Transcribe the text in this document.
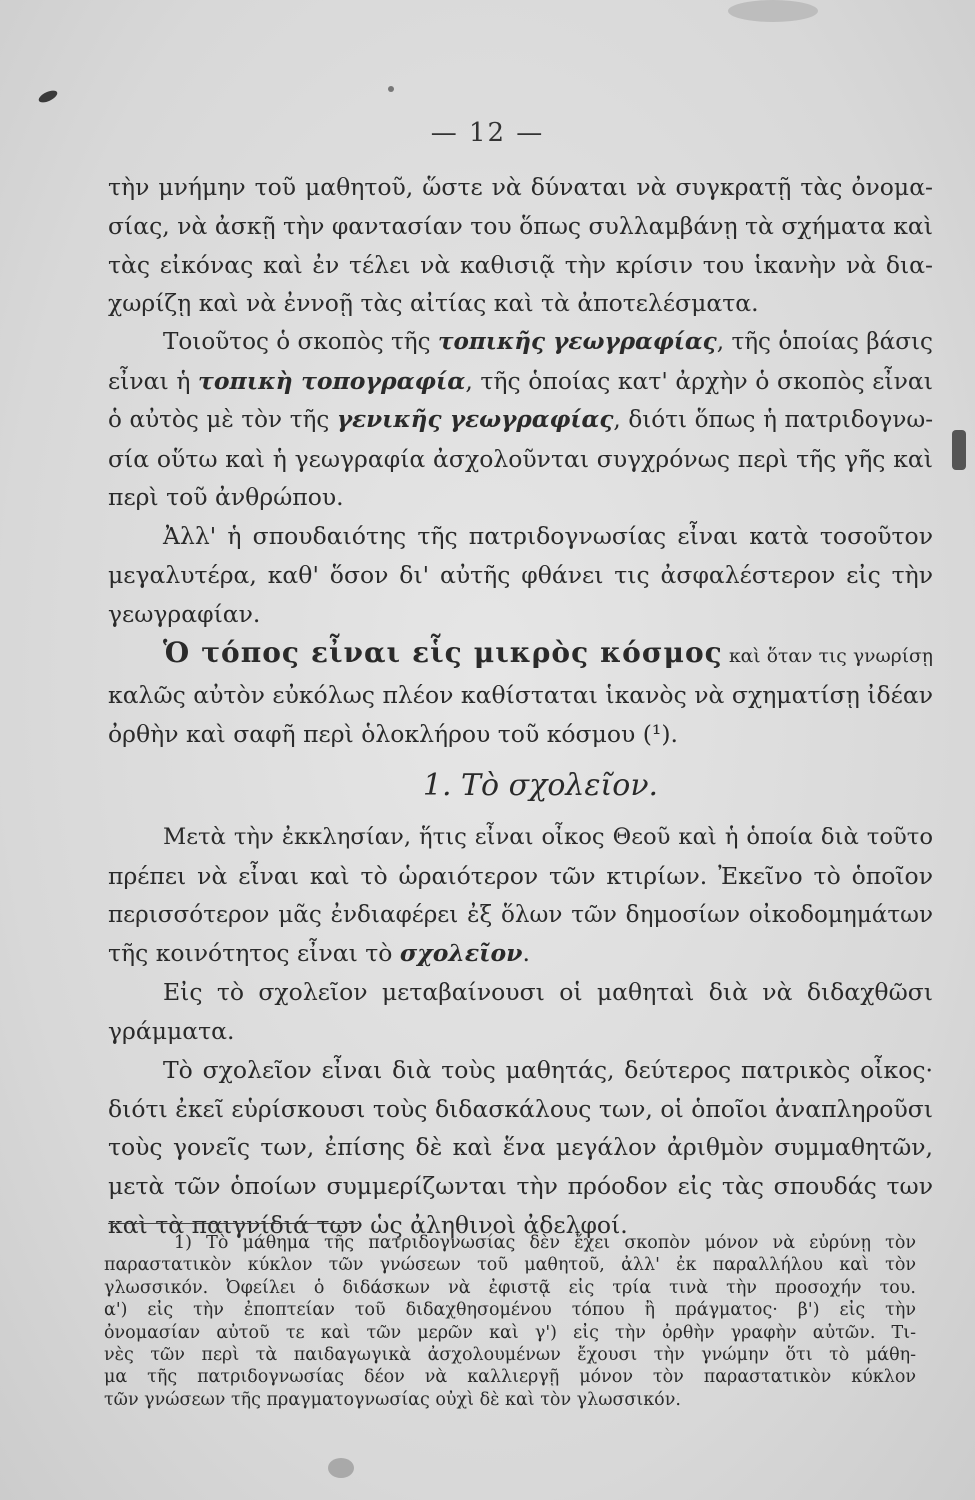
— 12 —
τὴν μνήμην τοῦ μαθητοῦ, ὥστε νὰ δύναται νὰ συγκρατῇ τὰς ὀνομα-
σίας, νὰ ἀσκῇ τὴν φαντασίαν του ὅπως συλλαμβάνῃ τὰ σχήματα καὶ
τὰς εἰκόνας καὶ ἐν τέλει νὰ καθισιᾷ τὴν κρίσιν του ἱκανὴν νὰ δια-
χωρίζῃ καὶ νὰ ἐννοῇ τὰς αἰτίας καὶ τὰ ἀποτελέσματα.
Τοιοῦτος ὁ σκοπὸς τῆς τοπικῆς γεωγραφίας, τῆς ὁποίας βάσις
εἶναι ἡ τοπικὴ τοπογραφία, τῆς ὁποίας κατ' ἀρχὴν ὁ σκοπὸς εἶναι
ὁ αὐτὸς μὲ τὸν τῆς γενικῆς γεωγραφίας, διότι ὅπως ἡ πατριδογνω-
σία οὕτω καὶ ἡ γεωγραφία ἀσχολοῦνται συγχρόνως περὶ τῆς γῆς καὶ
περὶ τοῦ ἀνθρώπου.
Ἀλλ' ἡ σπουδαιότης τῆς πατριδογνωσίας εἶναι κατὰ τοσοῦτον
μεγαλυτέρα, καθ' ὅσον δι' αὐτῆς φθάνει τις ἀσφαλέστερον εἰς τὴν
γεωγραφίαν.
Ὁ τόπος εἶναι εἷς μικρὸς κόσμος καὶ ὅταν τις γνωρίσῃ
καλῶς αὐτὸν εὐκόλως πλέον καθίσταται ἱκανὸς νὰ σχηματίσῃ ἰδέαν
ὀρθὴν καὶ σαφῆ περὶ ὁλοκλήρου τοῦ κόσμου (¹).
1. Τὸ σχολεῖον.
Μετὰ τὴν ἐκκλησίαν, ἥτις εἶναι οἶκος Θεοῦ καὶ ἡ ὁποία διὰ τοῦτο
πρέπει νὰ εἶναι καὶ τὸ ὡραιότερον τῶν κτιρίων. Ἐκεῖνο τὸ ὁποῖον
περισσότερον μᾶς ἐνδιαφέρει ἐξ ὅλων τῶν δημοσίων οἰκοδομημάτων
τῆς κοινότητος εἶναι τὸ σχολεῖον.
Εἰς τὸ σχολεῖον μεταβαίνουσι οἱ μαθηταὶ διὰ νὰ διδαχθῶσι
γράμματα.
Τὸ σχολεῖον εἶναι διὰ τοὺς μαθητάς, δεύτερος πατρικὸς οἶκος·
διότι ἐκεῖ εὑρίσκουσι τοὺς διδασκάλους των, οἱ ὁποῖοι ἀναπληροῦσι
τοὺς γονεῖς των, ἐπίσης δὲ καὶ ἕνα μεγάλον ἀριθμὸν συμμαθητῶν,
μετὰ τῶν ὁποίων συμμερίζωνται τὴν πρόοδον εἰς τὰς σπουδάς των
καὶ τὰ παιγνίδιά των ὡς ἀληθινοὶ ἀδελφοί.
1) Τὸ μάθημα τῆς πατριδογνωσίας δὲν ἔχει σκοπὸν μόνον νὰ εὐρύνῃ τὸν
παραστατικὸν κύκλον τῶν γνώσεων τοῦ μαθητοῦ, ἀλλ' ἐκ παραλλήλου καὶ τὸν
γλωσσικόν. Ὀφείλει ὁ διδάσκων νὰ ἐφιστᾷ εἰς τρία τινὰ τὴν προσοχήν του.
α') εἰς τὴν ἐποπτείαν τοῦ διδαχθησομένου τόπου ἢ πράγματος· β') εἰς τὴν
ὀνομασίαν αὐτοῦ τε καὶ τῶν μερῶν καὶ γ') εἰς τὴν ὀρθὴν γραφὴν αὐτῶν. Τι-
νὲς τῶν περὶ τὰ παιδαγωγικὰ ἀσχολουμένων ἔχουσι τὴν γνώμην ὅτι τὸ μάθη-
μα τῆς πατριδογνωσίας δέον νὰ καλλιεργῇ μόνον τὸν παραστατικὸν κύκλον
τῶν γνώσεων τῆς πραγματογνωσίας οὐχὶ δὲ καὶ τὸν γλωσσικόν.
